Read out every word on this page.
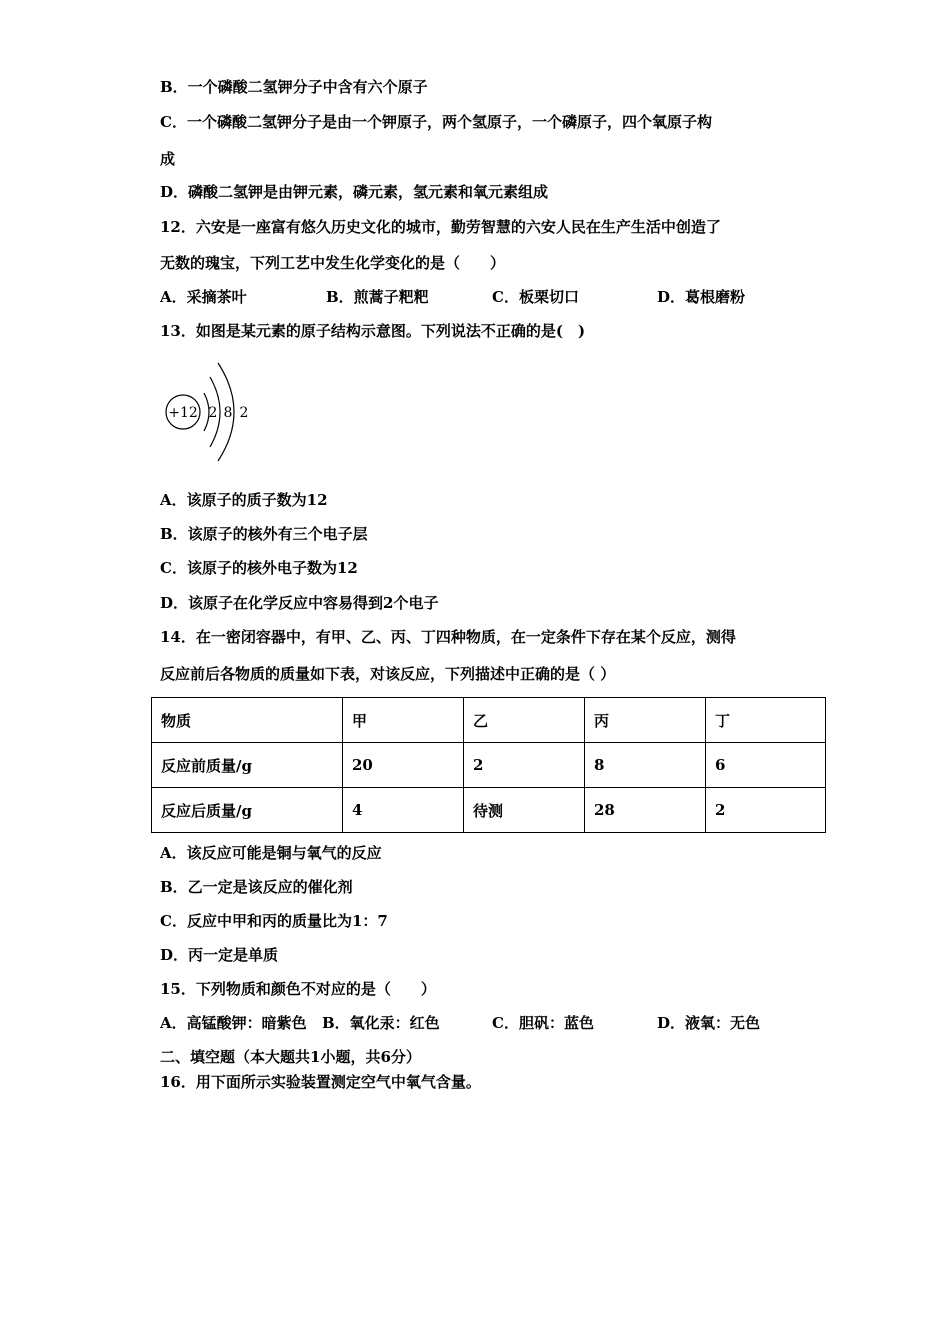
B．一个磷酸二氢钾分子中含有六个原子
C．一个磷酸二氢钾分子是由一个钾原子，两个氢原子，一个磷原子，四个氧原子构
成
D．磷酸二氢钾是由钾元素，磷元素，氢元素和氧元素组成
12．六安是一座富有悠久历史文化的城市，勤劳智慧的六安人民在生产生活中创造了
无数的瑰宝，下列工艺中发生化学变化的是（　　）
A．采摘茶叶	B．煎蒿子粑粑	C．板栗切口	D．葛根磨粉
13．如图是某元素的原子结构示意图。下列说法不正确的是(　)
+12 2 8 2
A．该原子的质子数为12
B．该原子的核外有三个电子层
C．该原子的核外电子数为12
D．该原子在化学反应中容易得到2个电子
14．在一密闭容器中，有甲、乙、丙、丁四种物质，在一定条件下存在某个反应，测得
反应前后各物质的质量如下表，对该反应，下列描述中正确的是（ ）
物质	甲	乙	丙	丁
反应前质量/g	20	2	8	6
反应后质量/g	4	待测	28	2
A．该反应可能是铜与氧气的反应
B．乙一定是该反应的催化剂
C．反应中甲和丙的质量比为1：7
D．丙一定是单质
15．下列物质和颜色不对应的是（　　）
A．高锰酸钾：暗紫色 B．氧化汞：红色	C．胆矾：蓝色	D．液氧：无色
二、填空题（本大题共1小题，共6分）
16．用下面所示实验装置测定空气中氧气含量。
